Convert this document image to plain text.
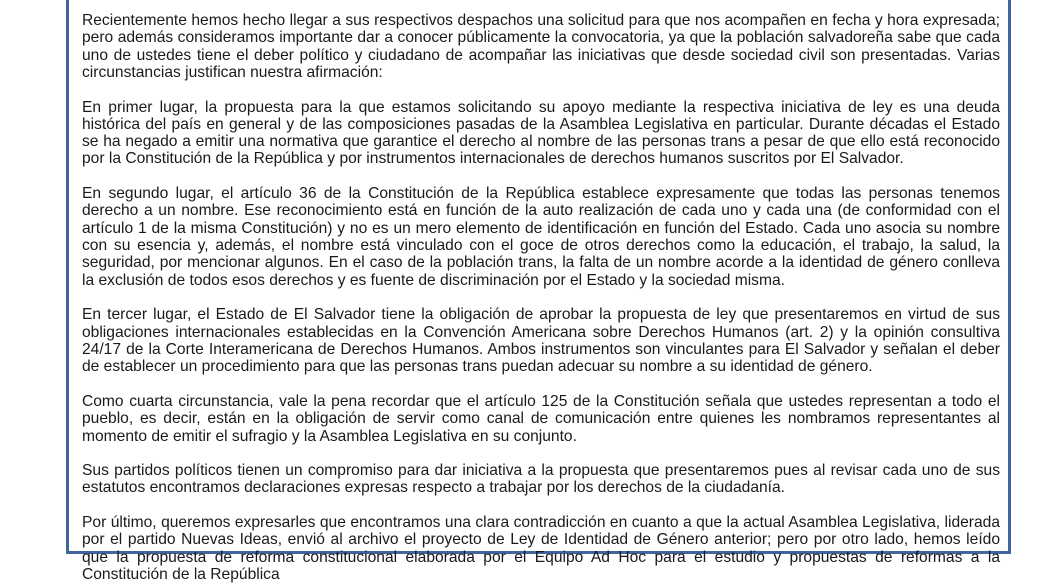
Recientemente hemos hecho llegar a sus respectivos despachos una solicitud para que nos acompañen en fecha y hora expresada; pero además consideramos importante dar a conocer públicamente la convocatoria, ya que la población salvadoreña sabe que cada uno de ustedes tiene el deber político y ciudadano de acompañar las iniciativas que desde sociedad civil son presentadas. Varias circunstancias justifican nuestra afirmación:

En primer lugar, la propuesta para la que estamos solicitando su apoyo mediante la respectiva iniciativa de ley es una deuda histórica del país en general y de las composiciones pasadas de la Asamblea Legislativa en particular. Durante décadas el Estado se ha negado a emitir una normativa que garantice el derecho al nombre de las personas trans a pesar de que ello está reconocido por la Constitución de la República y por instrumentos internacionales de derechos humanos suscritos por El Salvador.

En segundo lugar, el artículo 36 de la Constitución de la República establece expresamente que todas las personas tenemos derecho a un nombre. Ese reconocimiento está en función de la auto realización de cada uno y cada una (de conformidad con el artículo 1 de la misma Constitución) y no es un mero elemento de identificación en función del Estado. Cada uno asocia su nombre con su esencia y, además, el nombre está vinculado con el goce de otros derechos como la educación, el trabajo, la salud, la seguridad, por mencionar algunos. En el caso de la población trans, la falta de un nombre acorde a la identidad de género conlleva la exclusión de todos esos derechos y es fuente de discriminación por el Estado y la sociedad misma.

En tercer lugar, el Estado de El Salvador tiene la obligación de aprobar la propuesta de ley que presentaremos en virtud de sus obligaciones internacionales establecidas en la Convención Americana sobre Derechos Humanos (art. 2) y la opinión consultiva 24/17 de la Corte Interamericana de Derechos Humanos. Ambos instrumentos son vinculantes para El Salvador y señalan el deber de establecer un procedimiento para que las personas trans puedan adecuar su nombre a su identidad de género.

Como cuarta circunstancia, vale la pena recordar que el artículo 125 de la Constitución señala que ustedes representan a todo el pueblo, es decir, están en la obligación de servir como canal de comunicación entre quienes les nombramos representantes al momento de emitir el sufragio y la Asamblea Legislativa en su conjunto.

Sus partidos políticos tienen un compromiso para dar iniciativa a la propuesta que presentaremos pues al revisar cada uno de sus estatutos encontramos declaraciones expresas respecto a trabajar por los derechos de la ciudadanía.

Por último, queremos expresarles que encontramos una clara contradicción en cuanto a que la actual Asamblea Legislativa, liderada por el partido Nuevas Ideas, envió al archivo el proyecto de Ley de Identidad de Género anterior; pero por otro lado, hemos leído que la propuesta de reforma constitucional elaborada por el Equipo Ad Hoc para el estudio y propuestas de reformas a la Constitución de la República
